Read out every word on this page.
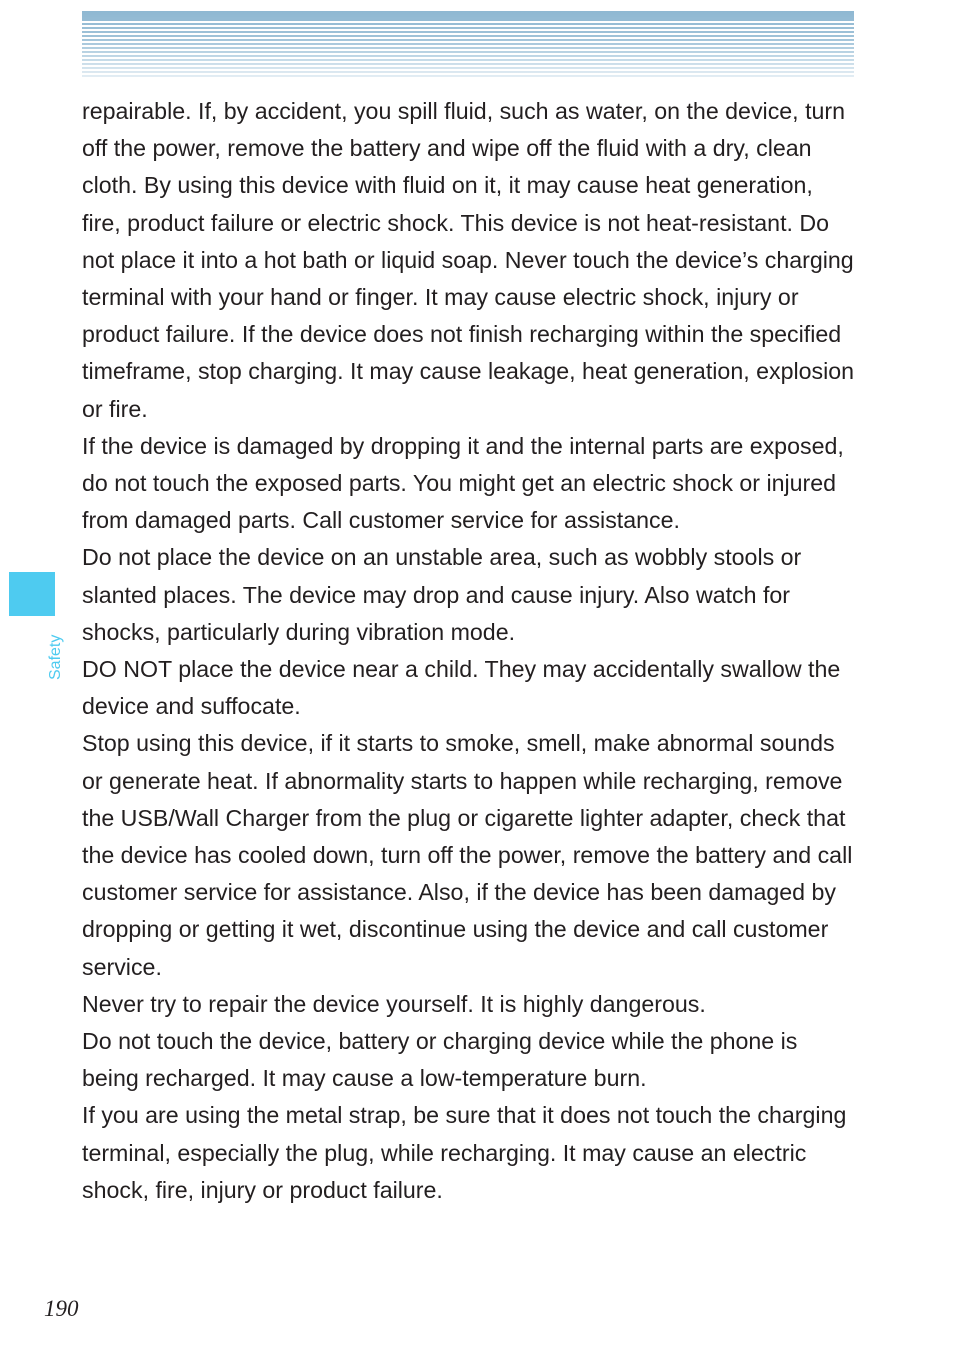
Safety

repairable. If, by accident, you spill fluid, such as water, on the device, turn off the power, remove the battery and wipe off the fluid with a dry, clean cloth. By using this device with fluid on it, it may cause heat generation, fire, product failure or electric shock. This device is not heat-resistant. Do not place it into a hot bath or liquid soap. Never touch the device’s charging terminal with your hand or finger. It may cause electric shock, injury or product failure. If the device does not finish recharging within the specified timeframe, stop charging. It may cause leakage, heat generation, explosion or fire.

If the device is damaged by dropping it and the internal parts are exposed, do not touch the exposed parts. You might get an electric shock or injured from damaged parts. Call customer service for assistance.

Do not place the device on an unstable area, such as wobbly stools or slanted places. The device may drop and cause injury. Also watch for shocks, particularly during vibration mode.

DO NOT place the device near a child. They may accidentally swallow the device and suffocate.

Stop using this device, if it starts to smoke, smell, make abnormal sounds or generate heat. If abnormality starts to happen while recharging, remove the USB/Wall Charger from the plug or cigarette lighter adapter, check that the device has cooled down, turn off the power, remove the battery and call customer service for assistance. Also, if the device has been damaged by dropping or getting it wet, discontinue using the device and call customer service.

Never try to repair the device yourself. It is highly dangerous.

Do not touch the device, battery or charging device while the phone is being recharged. It may cause a low-temperature burn.

If you are using the metal strap, be sure that it does not touch the charging terminal, especially the plug, while recharging. It may cause an electric shock, fire, injury or product failure.

190
